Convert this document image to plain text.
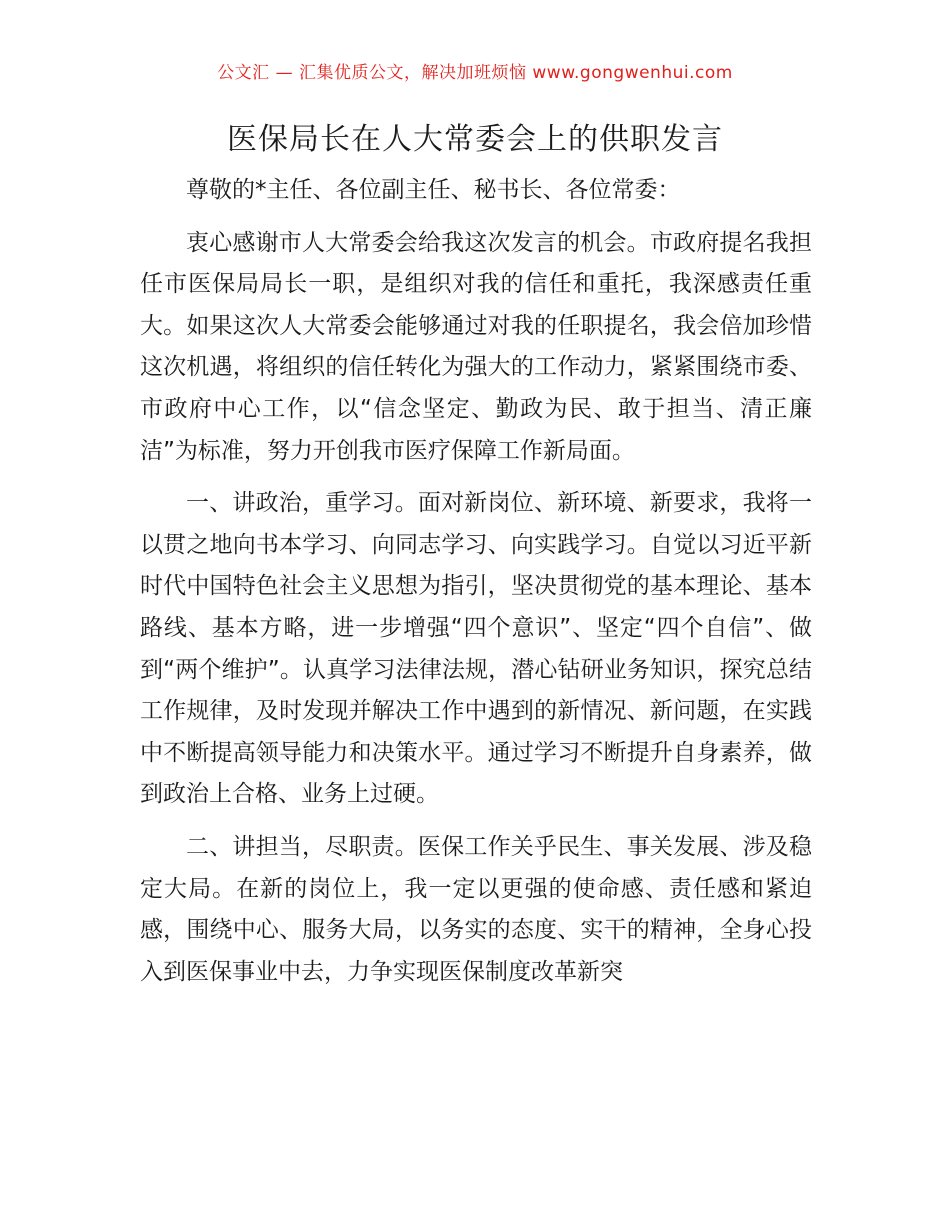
公文汇 — 汇集优质公文，解决加班烦恼 www.gongwenhui.com
医保局长在人大常委会上的供职发言

尊敬的*主任、各位副主任、秘书长、各位常委：

衷心感谢市人大常委会给我这次发言的机会。市政府提名我担任市医保局局长一职，是组织对我的信任和重托，我深感责任重大。如果这次人大常委会能够通过对我的任职提名，我会倍加珍惜这次机遇，将组织的信任转化为强大的工作动力，紧紧围绕市委、市政府中心工作，以“信念坚定、勤政为民、敢于担当、清正廉洁”为标准，努力开创我市医疗保障工作新局面。

一、讲政治，重学习。面对新岗位、新环境、新要求，我将一以贯之地向书本学习、向同志学习、向实践学习。自觉以习近平新时代中国特色社会主义思想为指引，坚决贯彻党的基本理论、基本路线、基本方略，进一步增强“四个意识”、坚定“四个自信”、做到“两个维护”。认真学习法律法规，潜心钻研业务知识，探究总结工作规律，及时发现并解决工作中遇到的新情况、新问题，在实践中不断提高领导能力和决策水平。通过学习不断提升自身素养，做到政治上合格、业务上过硬。

二、讲担当，尽职责。医保工作关乎民生、事关发展、涉及稳定大局。在新的岗位上，我一定以更强的使命感、责任感和紧迫感，围绕中心、服务大局，以务实的态度、实干的精神，全身心投入到医保事业中去，力争实现医保制度改革新突
